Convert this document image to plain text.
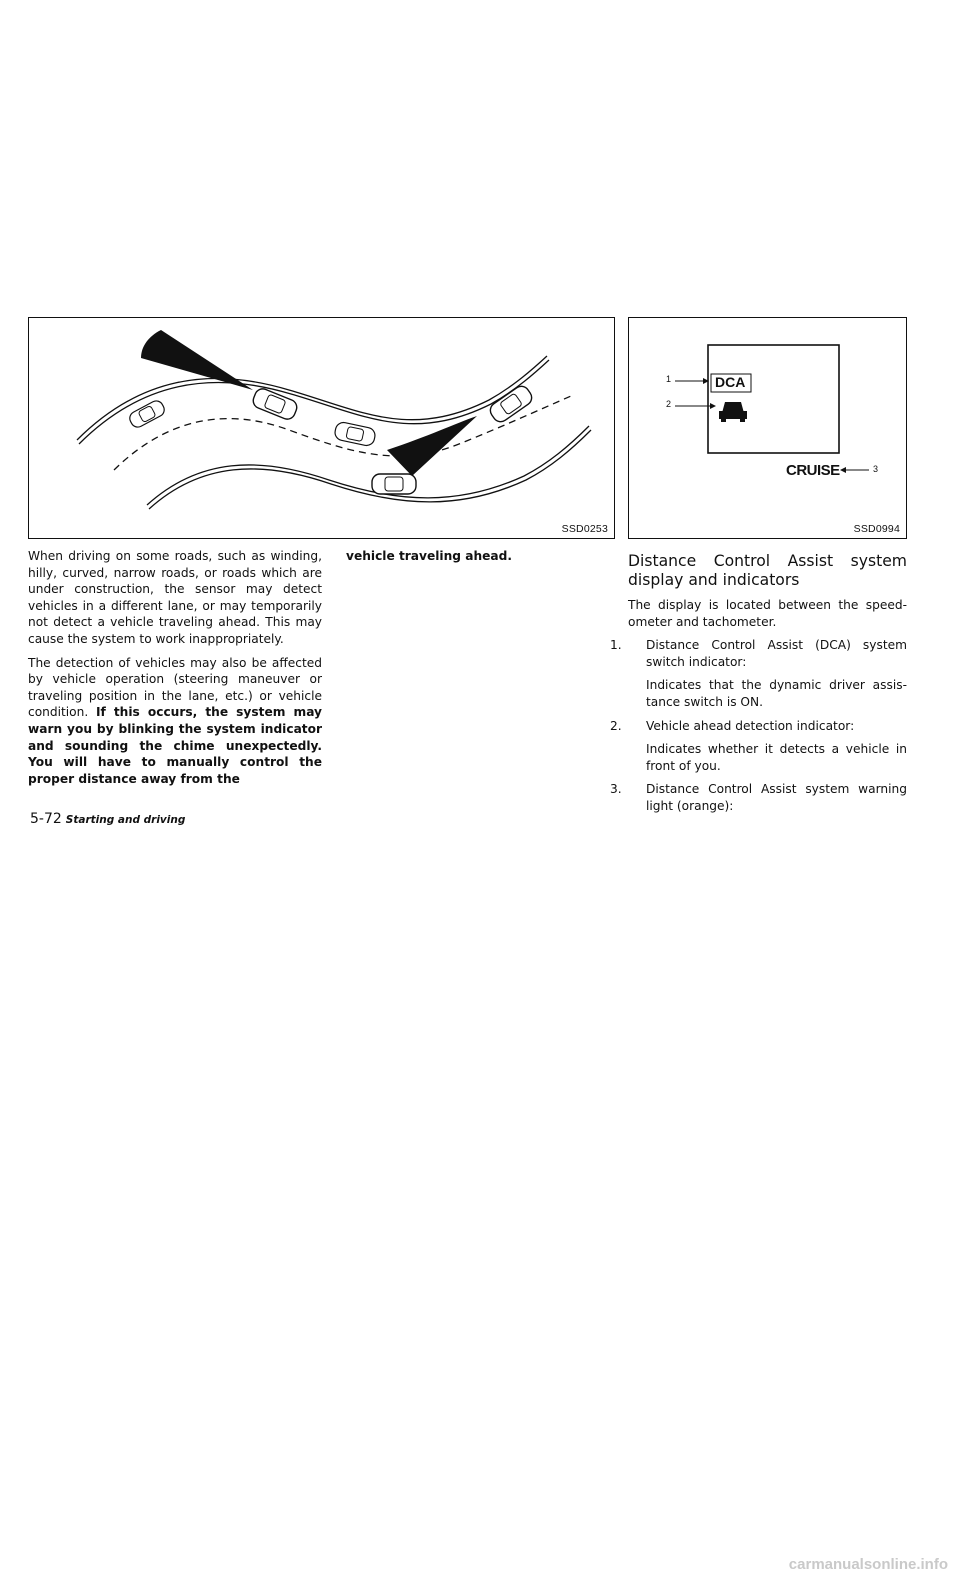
SSD0253
1
2
DCA
CRUISE	3
SSD0994

When driving on some roads, such as winding, hilly, curved, narrow roads, or roads which are under construction, the sensor may detect vehicles in a different lane, or may temporarily not detect a vehicle traveling ahead. This may cause the system to work inappropriately.

The detection of vehicles may also be affected by vehicle operation (steering maneuver or traveling position in the lane, etc.) or vehicle condition. If this occurs, the system may warn you by blinking the system indicator and sounding the chime unexpectedly. You will have to manually control the proper distance away from the

vehicle traveling ahead.	Distance Control Assist system display and indicators

The display is located between the speed-ometer and tachometer.

1. Distance Control Assist (DCA) system switch indicator:
Indicates that the dynamic driver assis-tance switch is ON.
2. Vehicle ahead detection indicator:
Indicates whether it detects a vehicle in front of you.
3. Distance Control Assist system warning light (orange):
5-72 Starting and driving
carmanualsonline.info
